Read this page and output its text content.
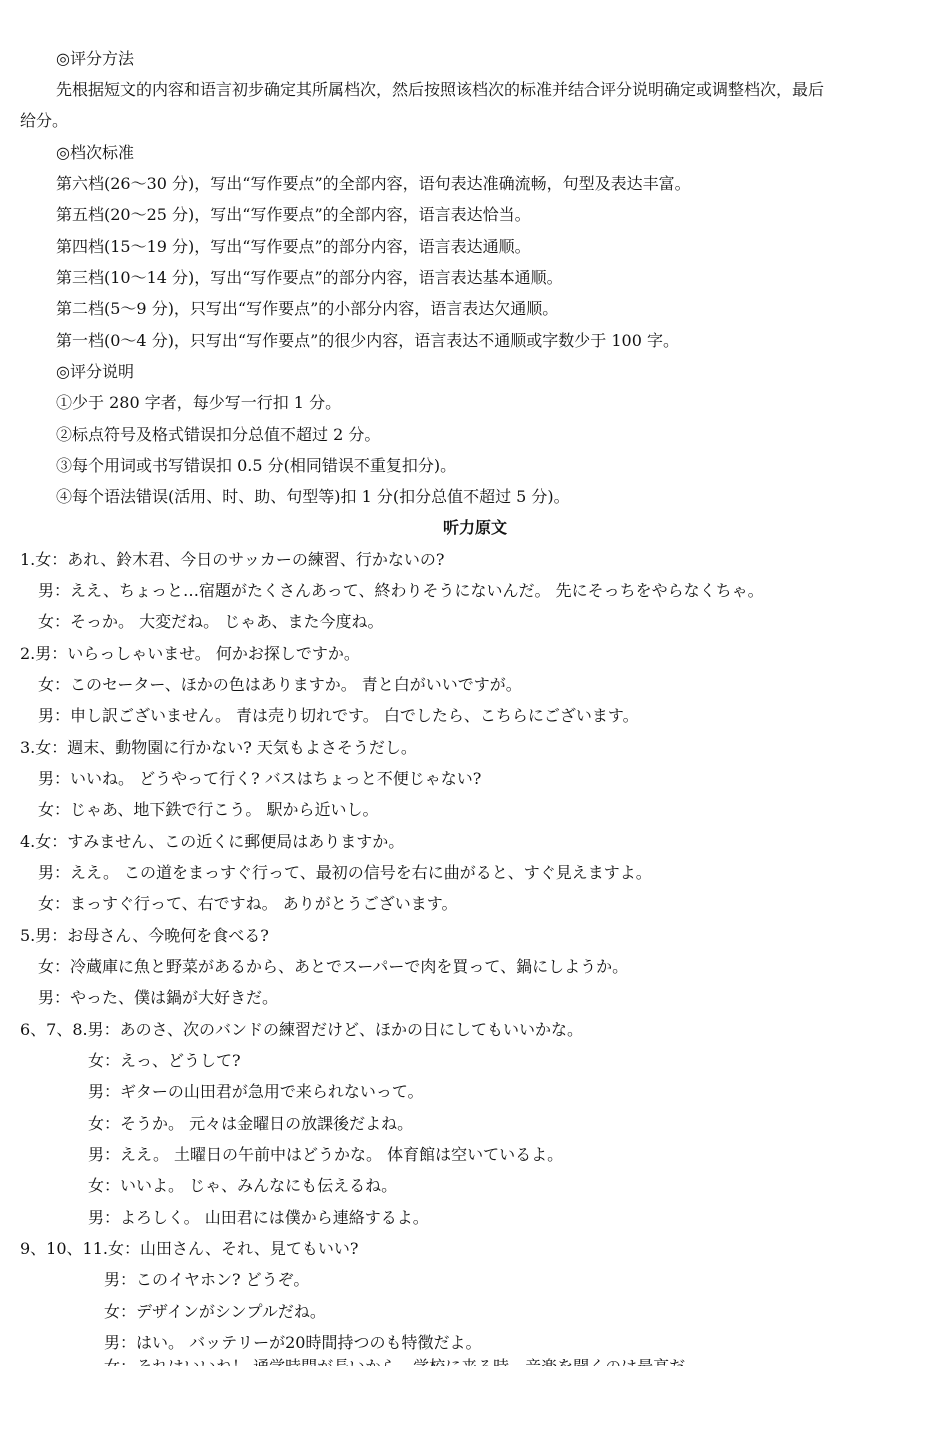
◎评分方法
先根据短文的内容和语言初步确定其所属档次，然后按照该档次的标准并结合评分说明确定或调整档次，最后
给分。
◎档次标准
第六档(26～30 分)，写出“写作要点”的全部内容，语句表达准确流畅，句型及表达丰富。
第五档(20～25 分)，写出“写作要点”的全部内容，语言表达恰当。
第四档(15～19 分)，写出“写作要点”的部分内容，语言表达通顺。
第三档(10～14 分)，写出“写作要点”的部分内容，语言表达基本通顺。
第二档(5～9 分)，只写出“写作要点”的小部分内容，语言表达欠通顺。
第一档(0～4 分)，只写出“写作要点”的很少内容，语言表达不通顺或字数少于 100 字。
◎评分说明
①少于 280 字者，每少写一行扣 1 分。
②标点符号及格式错误扣分总值不超过 2 分。
③每个用词或书写错误扣 0.5 分(相同错误不重复扣分)。
④每个语法错误(活用、时、助、句型等)扣 1 分(扣分总值不超过 5 分)。
听力原文
1.女：あれ、鈴木君、今日のサッカーの練習、行かないの?
男：ええ、ちょっと…宿題がたくさんあって、終わりそうにないんだ。 先にそっちをやらなくちゃ。
女：そっか。 大変だね。 じゃあ、また今度ね。
2.男：いらっしゃいませ。 何かお探しですか。
女：このセーター、ほかの色はありますか。 青と白がいいですが。
男：申し訳ございません。 青は売り切れです。 白でしたら、こちらにございます。
3.女：週末、動物園に行かない? 天気もよさそうだし。
男：いいね。 どうやって行く? バスはちょっと不便じゃない?
女：じゃあ、地下鉄で行こう。 駅から近いし。
4.女：すみません、この近くに郵便局はありますか。
男：ええ。 この道をまっすぐ行って、最初の信号を右に曲がると、すぐ見えますよ。
女：まっすぐ行って、右ですね。 ありがとうございます。
5.男：お母さん、今晩何を食べる?
女：冷蔵庫に魚と野菜があるから、あとでスーパーで肉を買って、鍋にしようか。
男：やった、僕は鍋が大好きだ。
6、7、8.男：あのさ、次のバンドの練習だけど、ほかの日にしてもいいかな。
女：えっ、どうして?
男：ギターの山田君が急用で来られないって。
女：そうか。 元々は金曜日の放課後だよね。
男：ええ。 土曜日の午前中はどうかな。 体育館は空いているよ。
女：いいよ。 じゃ、みんなにも伝えるね。
男：よろしく。 山田君には僕から連絡するよ。
9、10、11.女：山田さん、それ、見てもいい?
男：このイヤホン? どうぞ。
女：デザインがシンプルだね。
男：はい。 バッテリーが20時間持つのも特徴だよ。
